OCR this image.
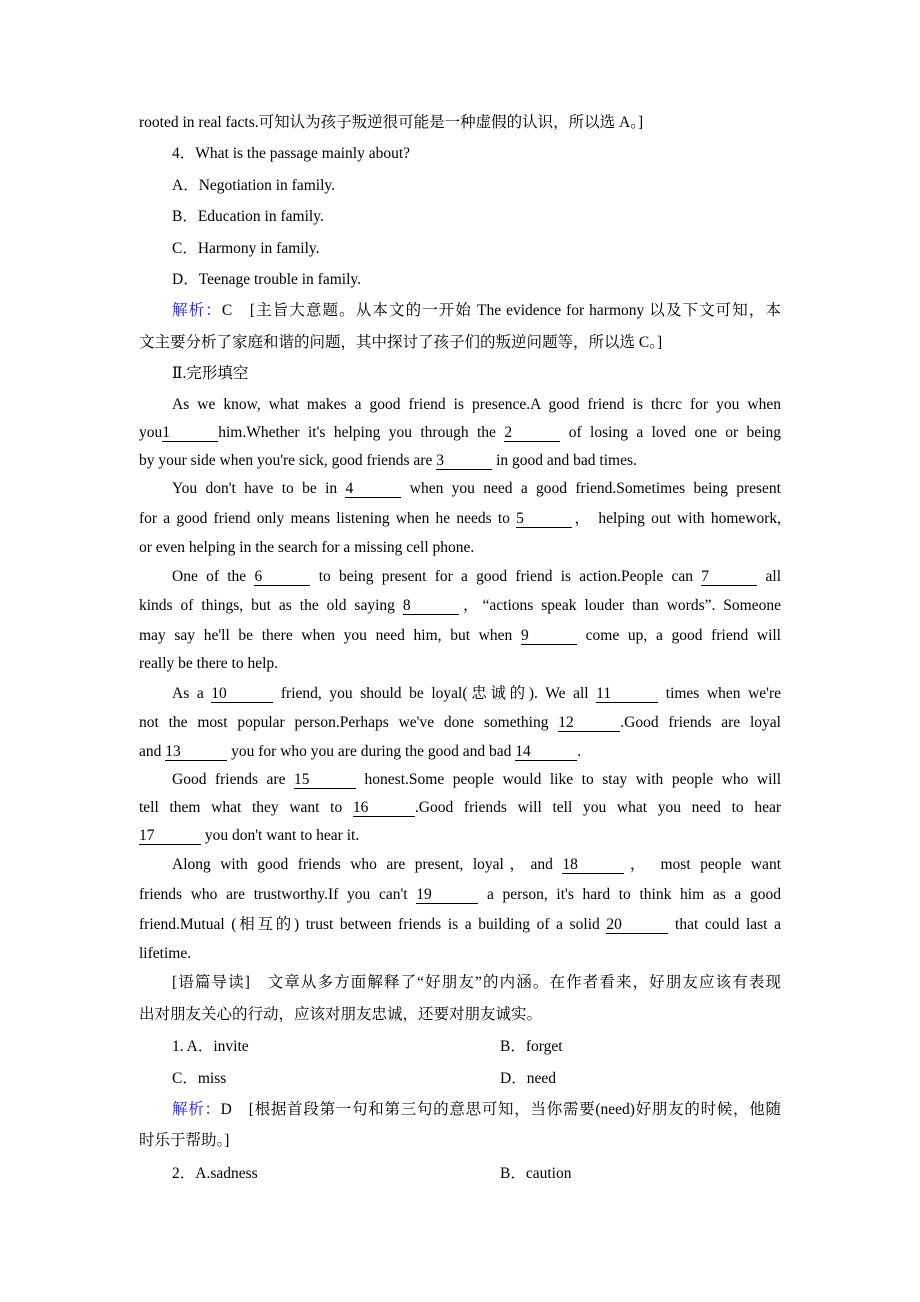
rooted in real facts.可知认为孩子叛逆很可能是一种虚假的认识，所以选 A。]
4．What is the passage mainly about?
A．Negotiation in family.
B．Education in family.
C．Harmony in family.
D．Teenage trouble in family.
解析：C　[主旨大意题。从本文的一开始 The evidence for harmony 以及下文可知，本
文主要分析了家庭和谐的问题，其中探讨了孩子们的叛逆问题等，所以选 C。]
Ⅱ.完形填空
As we know, what makes a good friend is presence.A good friend is thcrc for you when
you1	him.Whether it's helping you through the 2	of losing a loved one or being
by your side when you're sick, good friends are 3	in good and bad times.
You don't have to be in 4	when you need a good friend.Sometimes being present
for a good friend only means listening when he needs to 5	， helping out with homework,
or even helping in the search for a missing cell phone.
One of the 6	to being present for a good friend is action.People can 7	all
kinds of things, but as the old saying 8	，“actions speak louder than words”. Someone
may say he'll be there when you need him, but when 9	come up, a good friend will
really be there to help.
As a 10	friend, you should be loyal(忠诚的). We all 11	times when we're
not the most popular person.Perhaps we've done something 12	.Good friends are loyal
and 13	you for who you are during the good and bad 14	.
Good friends are 15	honest.Some people would like to stay with people who will
tell them what they want to 16	.Good friends will tell you what you need to hear
17	you don't want to hear it.
Along with good friends who are present, loyal，and 18	， most people want
friends who are trustworthy.If you can't 19	a person, it's hard to think him as a good
friend.Mutual (相互的) trust between friends is a building of a solid 20	that could last a
lifetime.
[语篇导读]　文章从多方面解释了“好朋友”的内涵。在作者看来，好朋友应该有表现
出对朋友关心的行动，应该对朋友忠诚，还要对朋友诚实。
1. A．invite	B．forget
C．miss	D．need
解析：D　[根据首段第一句和第三句的意思可知，当你需要(need)好朋友的时候，他随
时乐于帮助。]
2．A.sadness	B．caution
